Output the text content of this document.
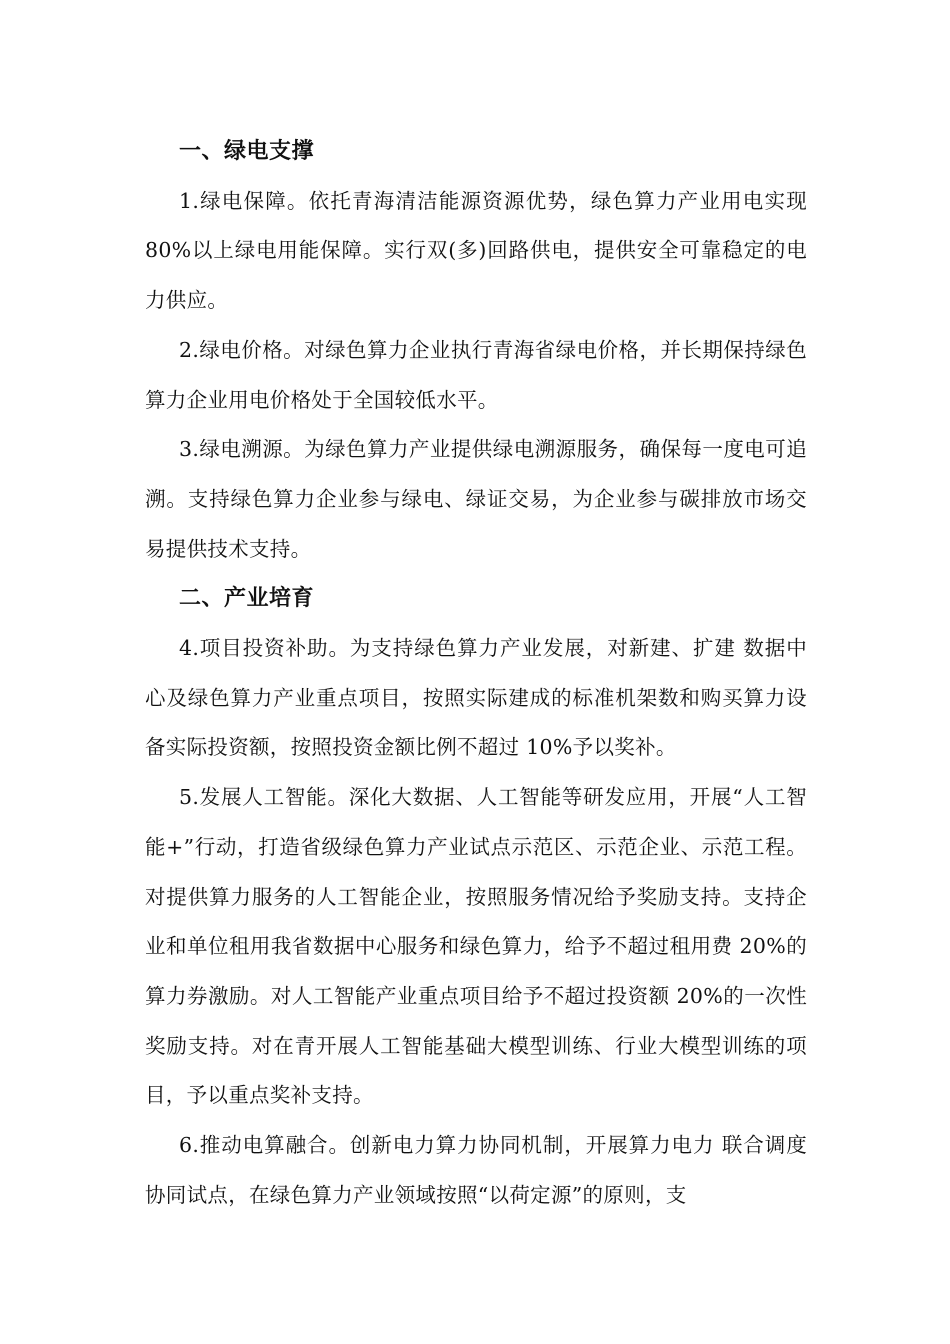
一、绿电支撑

1.绿电保障。依托青海清洁能源资源优势，绿色算力产业用电实现 80%以上绿电用能保障。实行双(多)回路供电，提供安全可靠稳定的电力供应。

2.绿电价格。对绿色算力企业执行青海省绿电价格，并长期保持绿色算力企业用电价格处于全国较低水平。

3.绿电溯源。为绿色算力产业提供绿电溯源服务，确保每一度电可追溯。支持绿色算力企业参与绿电、绿证交易，为企业参与碳排放市场交易提供技术支持。

二、产业培育

4.项目投资补助。为支持绿色算力产业发展，对新建、扩建 数据中心及绿色算力产业重点项目，按照实际建成的标准机架数和购买算力设备实际投资额，按照投资金额比例不超过 10%予以奖补。

5.发展人工智能。深化大数据、人工智能等研发应用，开展“人工智能+”行动，打造省级绿色算力产业试点示范区、示范企业、示范工程。对提供算力服务的人工智能企业，按照服务情况给予奖励支持。支持企业和单位租用我省数据中心服务和绿色算力，给予不超过租用费 20%的算力券激励。对人工智能产业重点项目给予不超过投资额 20%的一次性奖励支持。对在青开展人工智能基础大模型训练、行业大模型训练的项目，予以重点奖补支持。

6.推动电算融合。创新电力算力协同机制，开展算力电力 联合调度协同试点，在绿色算力产业领域按照“以荷定源”的原则，支
